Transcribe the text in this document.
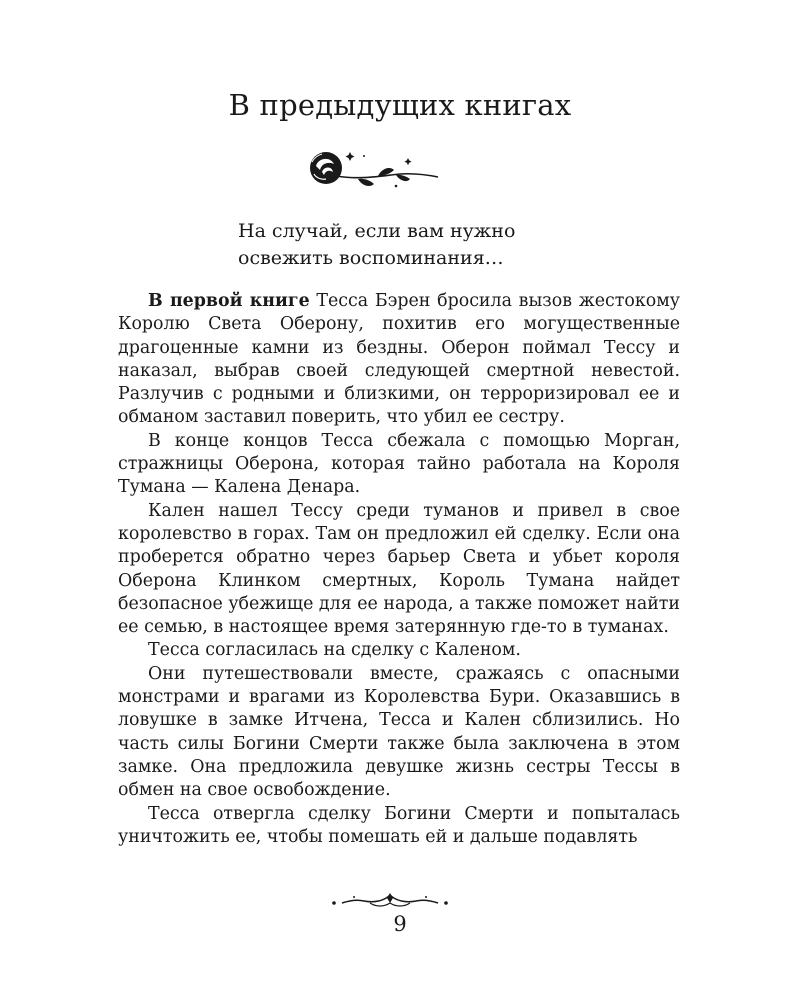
В предыдущих книгах
На случай, если вам нужно
освежить воспоминания…

В первой книге Тесса Бэрен бросила вызов жестокому Королю Света Оберону, похитив его могущественные драгоценные камни из бездны. Оберон поймал Тессу и наказал, выбрав своей следующей смертной невестой. Разлучив с родными и близкими, он терроризировал ее и обманом заставил поверить, что убил ее сестру.

В конце концов Тесса сбежала с помощью Морган, стражницы Оберона, которая тайно работала на Короля Тумана — Калена Денара.

Кален нашел Тессу среди туманов и привел в свое королевство в горах. Там он предложил ей сделку. Если она проберется обратно через барьер Света и убьет короля Оберона Клинком смертных, Король Тумана найдет безопасное убежище для ее народа, а также поможет найти ее семью, в настоящее время затерянную где-то в туманах.

Тесса согласилась на сделку с Каленом.

Они путешествовали вместе, сражаясь с опасными монстрами и врагами из Королевства Бури. Оказавшись в ловушке в замке Итчена, Тесса и Кален сблизились. Но часть силы Богини Смерти также была заключена в этом замке. Она предложила девушке жизнь сестры Тессы в обмен на свое освобождение.

Тесса отвергла сделку Богини Смерти и попыталась уничтожить ее, чтобы помешать ей и дальше подавлять

9
